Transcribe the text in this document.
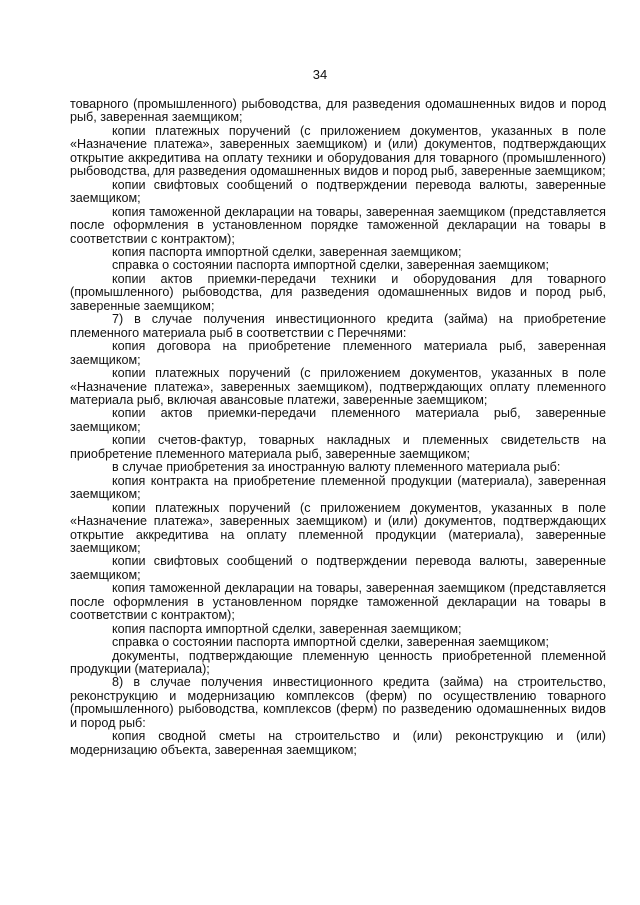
34

товарного (промышленного) рыбоводства, для разведения одомашненных видов и пород рыб, заверенная заемщиком;

копии платежных поручений (с приложением документов, указанных в поле «Назначение платежа», заверенных заемщиком) и (или) документов, подтверждающих открытие аккредитива на оплату техники и оборудования для товарного (промышленного) рыбоводства, для разведения одомашненных видов и пород рыб, заверенные заемщиком;

копии свифтовых сообщений о подтверждении перевода валюты, заверенные заемщиком;

копия таможенной декларации на товары, заверенная заемщиком (представляется после оформления в установленном порядке таможенной декларации на товары в соответствии с контрактом);

копия паспорта импортной сделки, заверенная заемщиком;

справка о состоянии паспорта импортной сделки, заверенная заемщиком;

копии актов приемки-передачи техники и оборудования для товарного (промышленного) рыбоводства, для разведения одомашненных видов и пород рыб, заверенные заемщиком;

7) в случае получения инвестиционного кредита (займа) на приобретение племенного материала рыб в соответствии с Перечнями:

копия договора на приобретение племенного материала рыб, заверенная заемщиком;

копии платежных поручений (с приложением документов, указанных в поле «Назначение платежа», заверенных заемщиком), подтверждающих оплату племенного материала рыб, включая авансовые платежи, заверенные заемщиком;

копии актов приемки-передачи племенного материала рыб, заверенные заемщиком;

копии счетов-фактур, товарных накладных и племенных свидетельств на приобретение племенного материала рыб, заверенные заемщиком;

в случае приобретения за иностранную валюту племенного материала рыб:

копия контракта на приобретение племенной продукции (материала), заверенная заемщиком;

копии платежных поручений (с приложением документов, указанных в поле «Назначение платежа», заверенных заемщиком) и (или) документов, подтверждающих открытие аккредитива на оплату племенной продукции (материала), заверенные заемщиком;

копии свифтовых сообщений о подтверждении перевода валюты, заверенные заемщиком;

копия таможенной декларации на товары, заверенная заемщиком (представляется после оформления в установленном порядке таможенной декларации на товары в соответствии с контрактом);

копия паспорта импортной сделки, заверенная заемщиком;

справка о состоянии паспорта импортной сделки, заверенная заемщиком;

документы, подтверждающие племенную ценность приобретенной племенной продукции (материала);

8) в случае получения инвестиционного кредита (займа) на строительство, реконструкцию и модернизацию комплексов (ферм) по осуществлению товарного (промышленного) рыбоводства, комплексов (ферм) по разведению одомашненных видов и пород рыб:

копия сводной сметы на строительство и (или) реконструкцию и (или) модернизацию объекта, заверенная заемщиком;
